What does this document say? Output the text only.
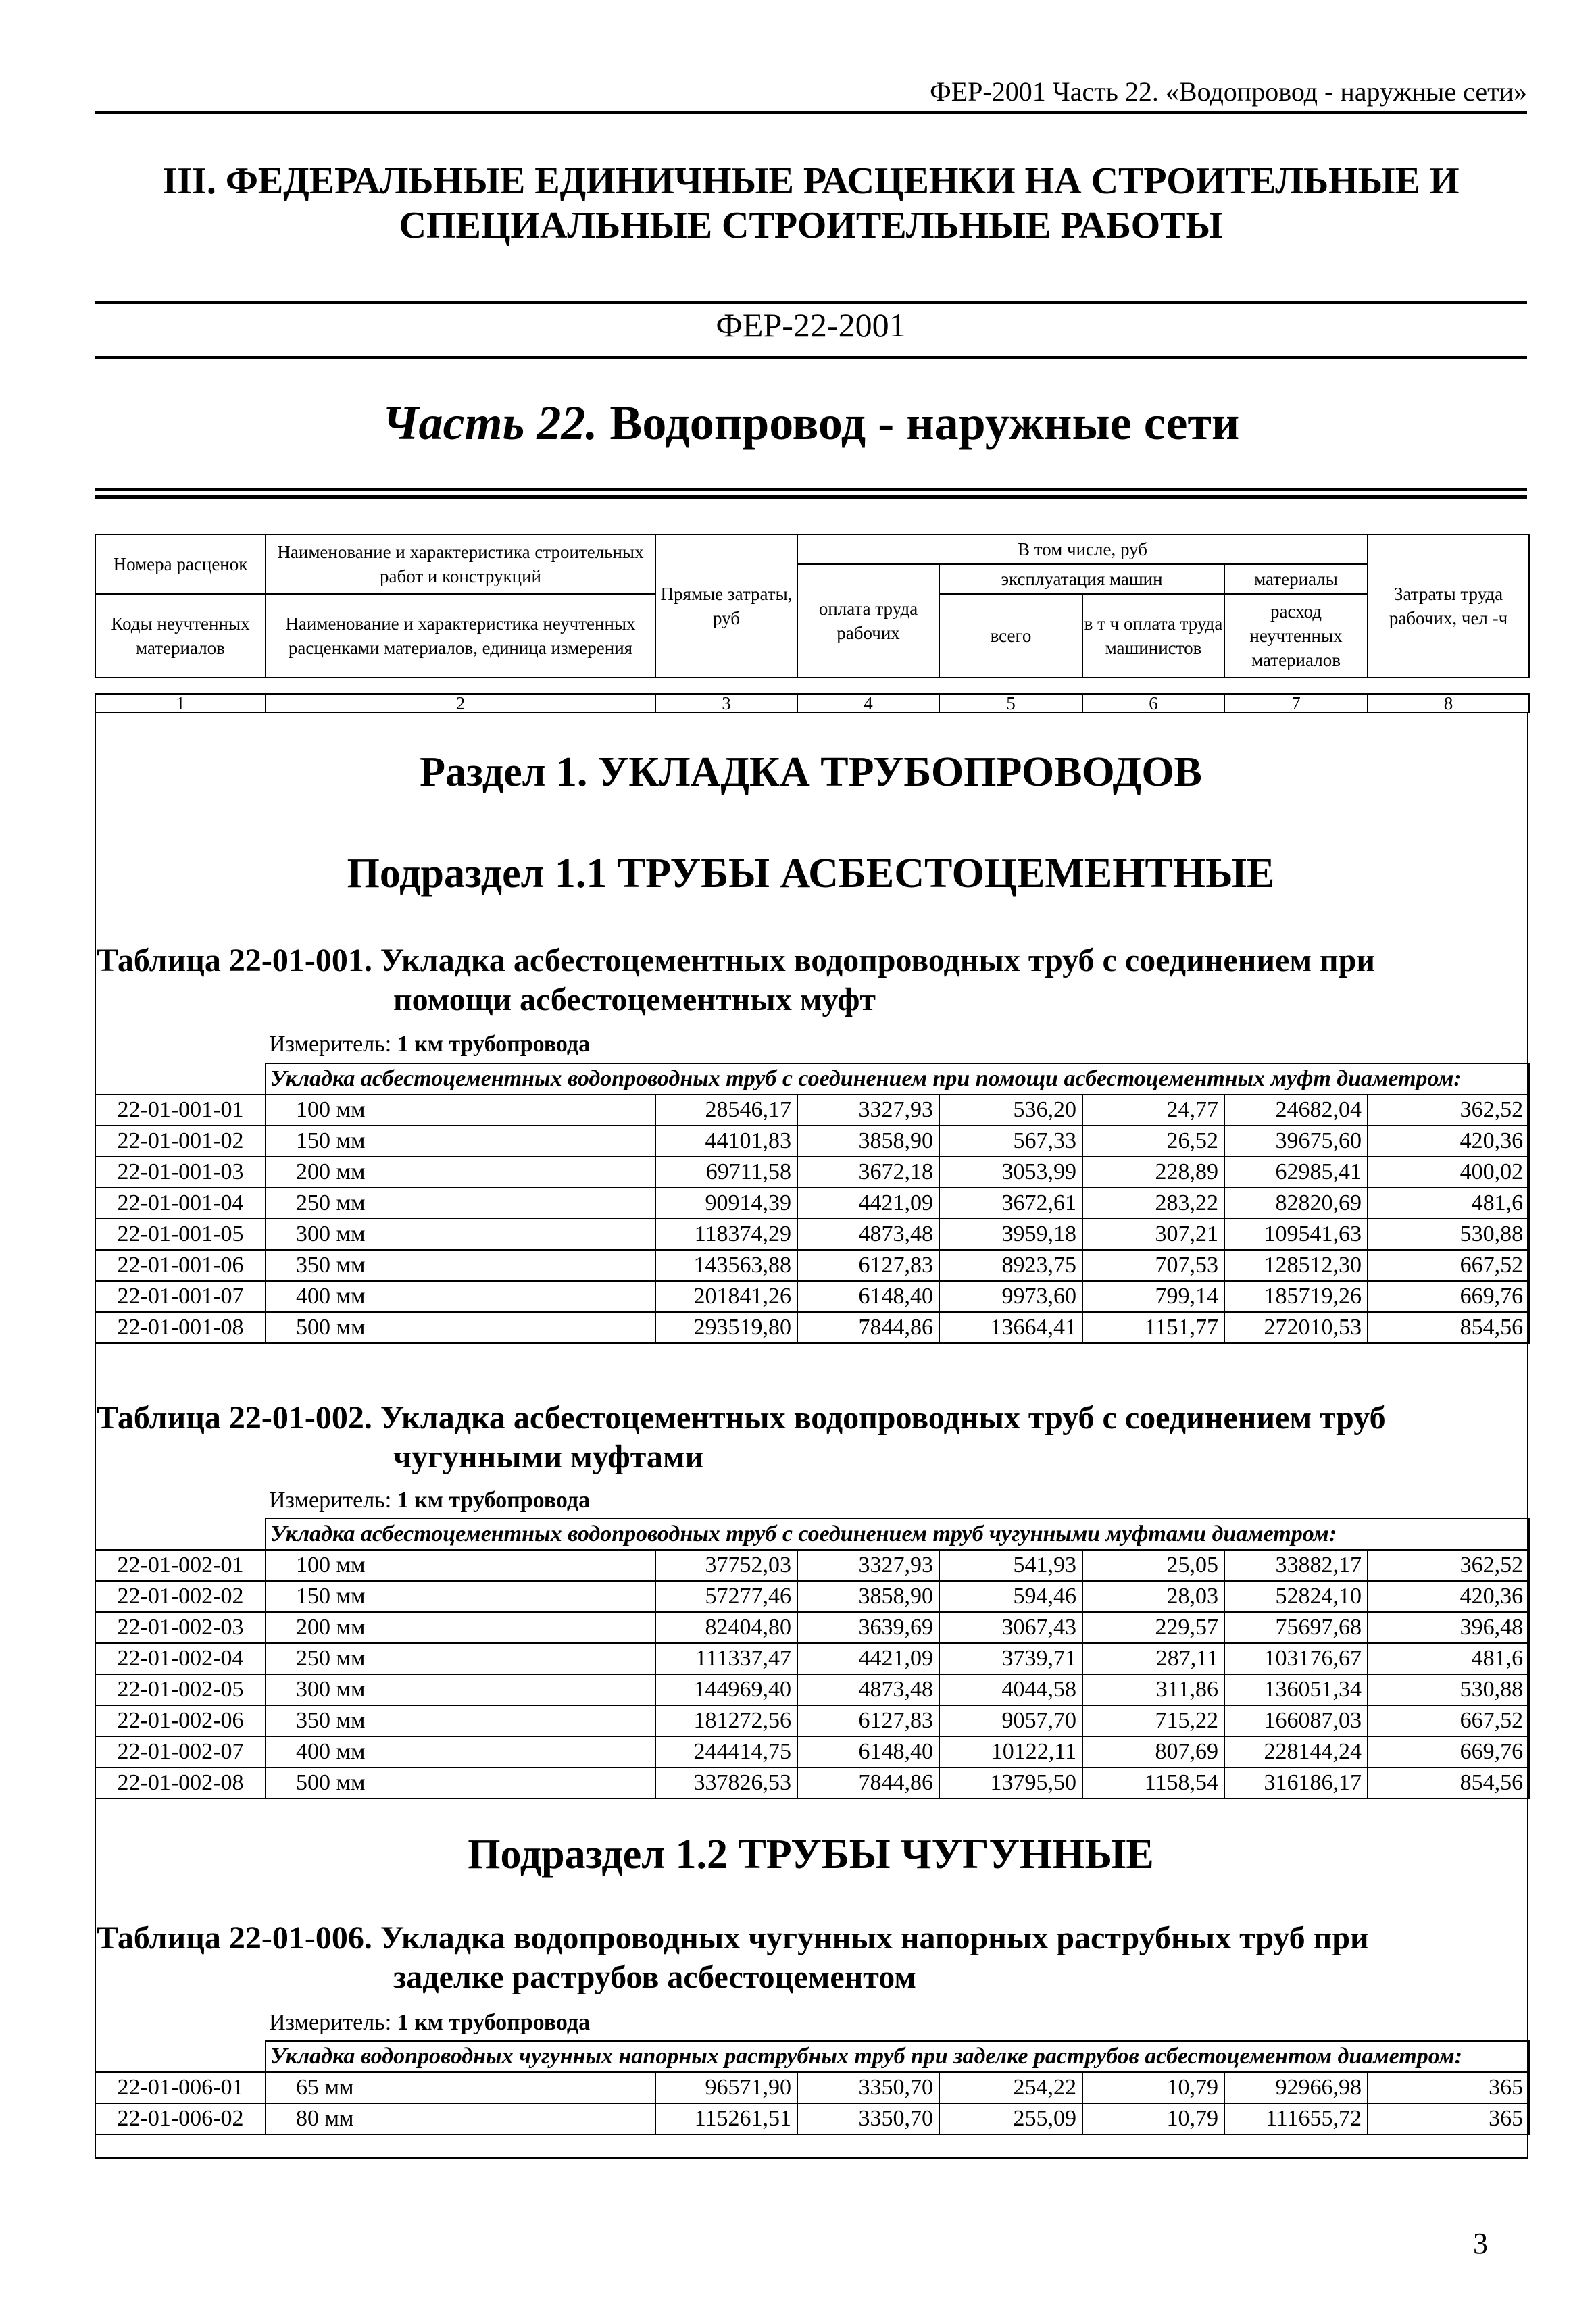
ФЕР-2001 Часть 22. «Водопровод - наружные сети»
III. ФЕДЕРАЛЬНЫЕ ЕДИНИЧНЫЕ РАСЦЕНКИ НА СТРОИТЕЛЬНЫЕ И
СПЕЦИАЛЬНЫЕ СТРОИТЕЛЬНЫЕ РАБОТЫ
ФЕР-22-2001
Часть 22. Водопровод - наружные сети
Номера расценок	Наименование и характеристика строительных работ и конструкций	Прямые затраты, руб	В том числе, руб				Затраты труда рабочих, чел -ч
			оплата труда рабочих	эксплуатация машин		материалы	
Коды неучтенных материалов	Наименование и характеристика неучтенных расценками материалов, единица измерения			всего	в т ч оплата труда машинистов	расход неучтенных материалов	

1	2	3	4	5	6	7	8
Раздел 1. УКЛАДКА ТРУБОПРОВОДОВ
Подраздел 1.1 ТРУБЫ АСБЕСТОЦЕМЕНТНЫЕ
Таблица 22-01-001. Укладка асбестоцементных водопроводных труб с соединением при
помощи асбестоцементных муфт
Измеритель: 1 км трубопровода
	Укладка асбестоцементных водопроводных труб с соединением при помощи асбестоцементных муфт диаметром:						
22-01-001-01	100 мм	28546,17	3327,93	536,20	24,77	24682,04	362,52
22-01-001-02	150 мм	44101,83	3858,90	567,33	26,52	39675,60	420,36
22-01-001-03	200 мм	69711,58	3672,18	3053,99	228,89	62985,41	400,02
22-01-001-04	250 мм	90914,39	4421,09	3672,61	283,22	82820,69	481,6
22-01-001-05	300 мм	118374,29	4873,48	3959,18	307,21	109541,63	530,88
22-01-001-06	350 мм	143563,88	6127,83	8923,75	707,53	128512,30	667,52
22-01-001-07	400 мм	201841,26	6148,40	9973,60	799,14	185719,26	669,76
22-01-001-08	500 мм	293519,80	7844,86	13664,41	1151,77	272010,53	854,56
Таблица 22-01-002. Укладка асбестоцементных водопроводных труб с соединением труб
чугунными муфтами
Измеритель: 1 км трубопровода
	Укладка асбестоцементных водопроводных труб с соединением труб чугунными муфтами диаметром:						
22-01-002-01	100 мм	37752,03	3327,93	541,93	25,05	33882,17	362,52
22-01-002-02	150 мм	57277,46	3858,90	594,46	28,03	52824,10	420,36
22-01-002-03	200 мм	82404,80	3639,69	3067,43	229,57	75697,68	396,48
22-01-002-04	250 мм	111337,47	4421,09	3739,71	287,11	103176,67	481,6
22-01-002-05	300 мм	144969,40	4873,48	4044,58	311,86	136051,34	530,88
22-01-002-06	350 мм	181272,56	6127,83	9057,70	715,22	166087,03	667,52
22-01-002-07	400 мм	244414,75	6148,40	10122,11	807,69	228144,24	669,76
22-01-002-08	500 мм	337826,53	7844,86	13795,50	1158,54	316186,17	854,56
Подраздел 1.2 ТРУБЫ ЧУГУННЫЕ
Таблица 22-01-006. Укладка водопроводных чугунных напорных раструбных труб при
заделке раструбов асбестоцементом
Измеритель: 1 км трубопровода
	Укладка водопроводных чугунных напорных раструбных труб при заделке раструбов асбестоцементом диаметром:						
22-01-006-01	65 мм	96571,90	3350,70	254,22	10,79	92966,98	365
22-01-006-02	80 мм	115261,51	3350,70	255,09	10,79	111655,72	365
3
